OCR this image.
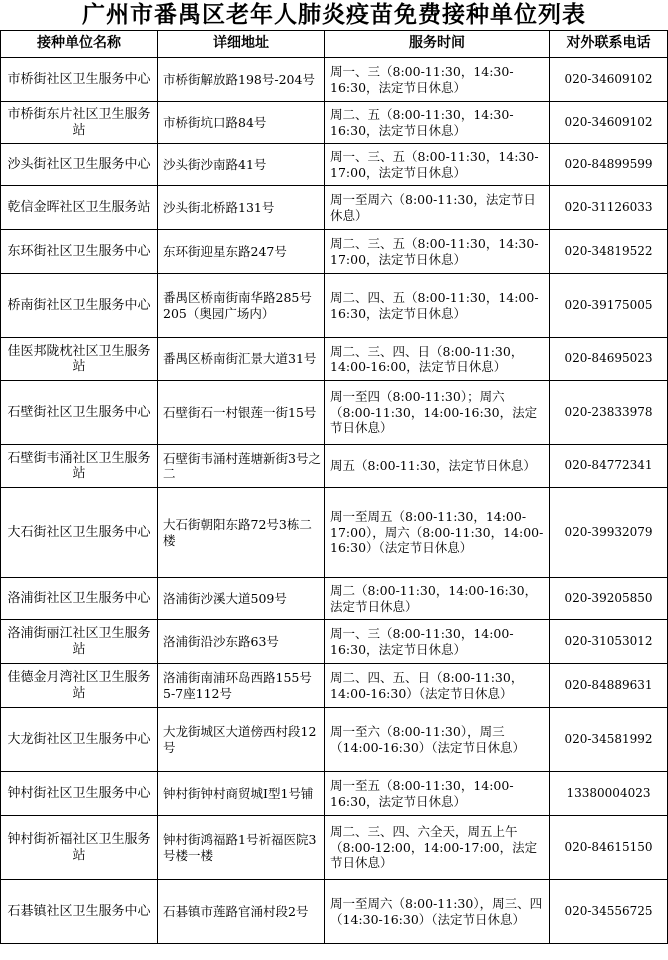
广州市番禺区老年人肺炎疫苗免费接种单位列表
接种单位名称	详细地址	服务时间	对外联系电话
市桥街社区卫生服务中心	市桥街解放路198号-204号	周一、三（8:00-11:30，14:30-16:30，法定节日休息）	020-34609102
市桥街东片社区卫生服务站	市桥街坑口路84号	周二、五（8:00-11:30，14:30-16:30，法定节日休息）	020-34609102
沙头街社区卫生服务中心	沙头街沙南路41号	周一、三、五（8:00-11:30，14:30-17:00，法定节日休息）	020-84899599
乾信金晖社区卫生服务站	沙头街北桥路131号	周一至周六（8:00-11:30，法定节日休息）	020-31126033
东环街社区卫生服务中心	东环街迎星东路247号	周二、三、五（8:00-11:30，14:30-17:00，法定节日休息）	020-34819522
桥南街社区卫生服务中心	番禺区桥南街南华路285号205（奥园广场内）	周二、四、五（8:00-11:30，14:00-16:30，法定节日休息）	020-39175005
佳医邦陇枕社区卫生服务站	番禺区桥南街汇景大道31号	周二、三、四、日（8:00-11:30，14:00-16:00，法定节日休息）	020-84695023
石壁街社区卫生服务中心	石壁街石一村银莲一街15号	周一至四（8:00-11:30）；周六（8:00-11:30，14:00-16:30，法定节日休息）	020-23833978
石壁街韦涌社区卫生服务站	石壁街韦涌村莲塘新街3号之二	周五（8:00-11:30，法定节日休息）	020-84772341
大石街社区卫生服务中心	大石街朝阳东路72号3栋二楼	周一至周五（8:00-11:30，14:00-17:00），周六（8:00-11:30，14:00-16:30）（法定节日休息）	020-39932079
洛浦街社区卫生服务中心	洛浦街沙溪大道509号	周二（8:00-11:30，14:00-16:30，法定节日休息）	020-39205850
洛浦街丽江社区卫生服务站	洛浦街沿沙东路63号	周一、三（8:00-11:30，14:00-16:30，法定节日休息）	020-31053012
佳德金月湾社区卫生服务站	洛浦街南浦环岛西路155号5-7座112号	周二、四、五、日（8:00-11:30，14:00-16:30）（法定节日休息）	020-84889631
大龙街社区卫生服务中心	大龙街城区大道傍西村段12号	周一至六（8:00-11:30），周三（14:00-16:30）（法定节日休息）	020-34581992
钟村街社区卫生服务中心	钟村街钟村商贸城I型1号铺	周一至五（8:00-11:30，14:00-16:30，法定节日休息）	13380004023
钟村街祈福社区卫生服务站	钟村街鸿福路1号祈福医院3号楼一楼	周二、三、四、六全天，周五上午（8:00-12:00，14:00-17:00，法定节日休息）	020-84615150
石碁镇社区卫生服务中心	石碁镇市莲路官涌村段2号	周一至周六（8:00-11:30），周三、四（14:30-16:30）（法定节日休息）	020-34556725
